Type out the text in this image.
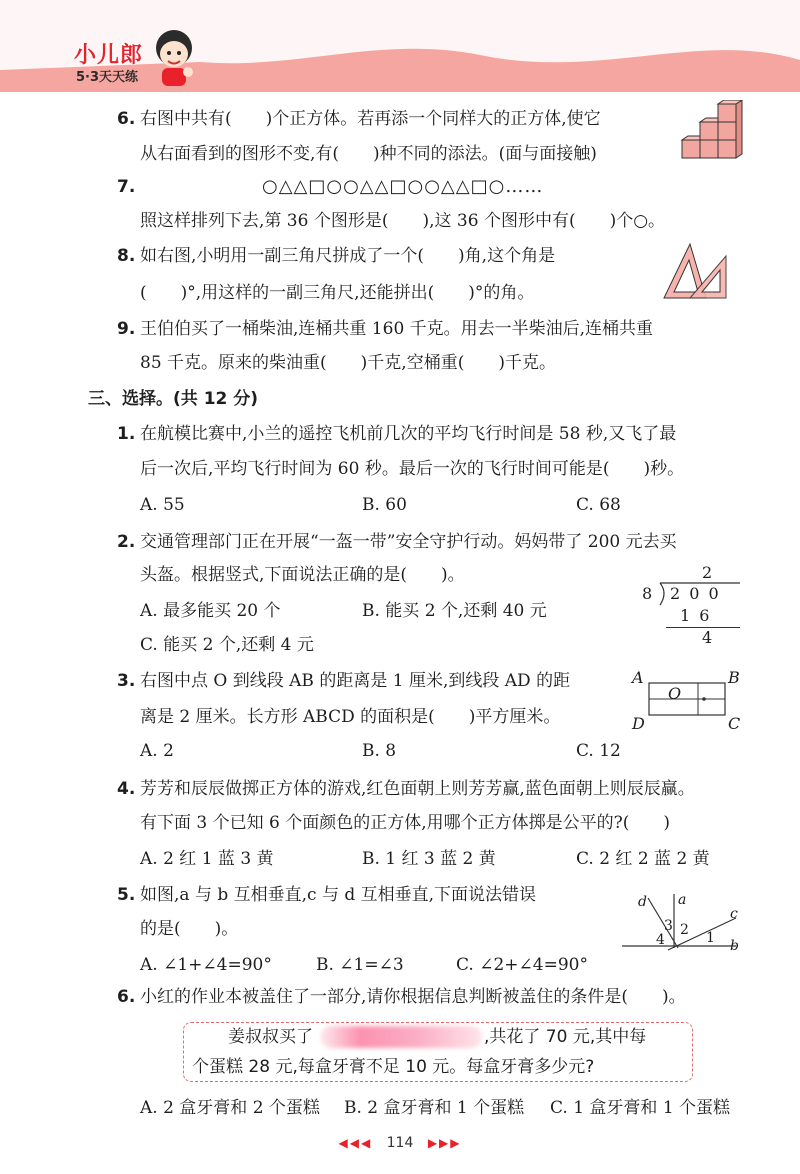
小儿郎
5·3天天练
6. 右图中共有(　　)个正方体。若再添一个同样大的正方体,使它
从右面看到的图形不变,有(　　)种不同的添法。(面与面接触)
7.	○△△□○○△△□○○△△□○……
照这样排列下去,第 36 个图形是(　　),这 36 个图形中有(　　)个○。
8. 如右图,小明用一副三角尺拼成了一个(　　)角,这个角是
(　　)°,用这样的一副三角尺,还能拼出(　　)°的角。
9. 王伯伯买了一桶柴油,连桶共重 160 千克。用去一半柴油后,连桶共重
85 千克。原来的柴油重(　　)千克,空桶重(　　)千克。
三、选择。(共 12 分)
1. 在航模比赛中,小兰的遥控飞机前几次的平均飞行时间是 58 秒,又飞了最
后一次后,平均飞行时间为 60 秒。最后一次的飞行时间可能是(　　)秒。
A. 55	B. 60	C. 68
2. 交通管理部门正在开展“一盔一带”安全守护行动。妈妈带了 200 元去买
头盔。根据竖式,下面说法正确的是(　　)。
A. 最多能买 20 个	B. 能买 2 个,还剩 40 元
C. 能买 2 个,还剩 4 元
2
8 2 0 0
1 6
4
3. 右图中点 O 到线段 AB 的距离是 1 厘米,到线段 AD 的距
离是 2 厘米。长方形 ABCD 的面积是(　　)平方厘米。
A. 2	B. 8	C. 12
A	B
C
D
O
4. 芳芳和辰辰做掷正方体的游戏,红色面朝上则芳芳赢,蓝色面朝上则辰辰赢。
有下面 3 个已知 6 个面颜色的正方体,用哪个正方体掷是公平的?(　　)
A. 2 红 1 蓝 3 黄	B. 1 红 3 蓝 2 黄	C. 2 红 2 蓝 2 黄
5. 如图,a 与 b 互相垂直,c 与 d 互相垂直,下面说法错误
的是(　　)。
A. ∠1+∠4=90°	B. ∠1=∠3	C. ∠2+∠4=90°
d a
c
b
1
2
3
4
6. 小红的作业本被盖住了一部分,请你根据信息判断被盖住的条件是(　　)。
姜叔叔买了	,共花了 70 元,其中每
个蛋糕 28 元,每盒牙膏不足 10 元。每盒牙膏多少元?
A. 2 盒牙膏和 2 个蛋糕 B. 2 盒牙膏和 1 个蛋糕 C. 1 盒牙膏和 1 个蛋糕
◀◀◀ 114 ▶▶▶
